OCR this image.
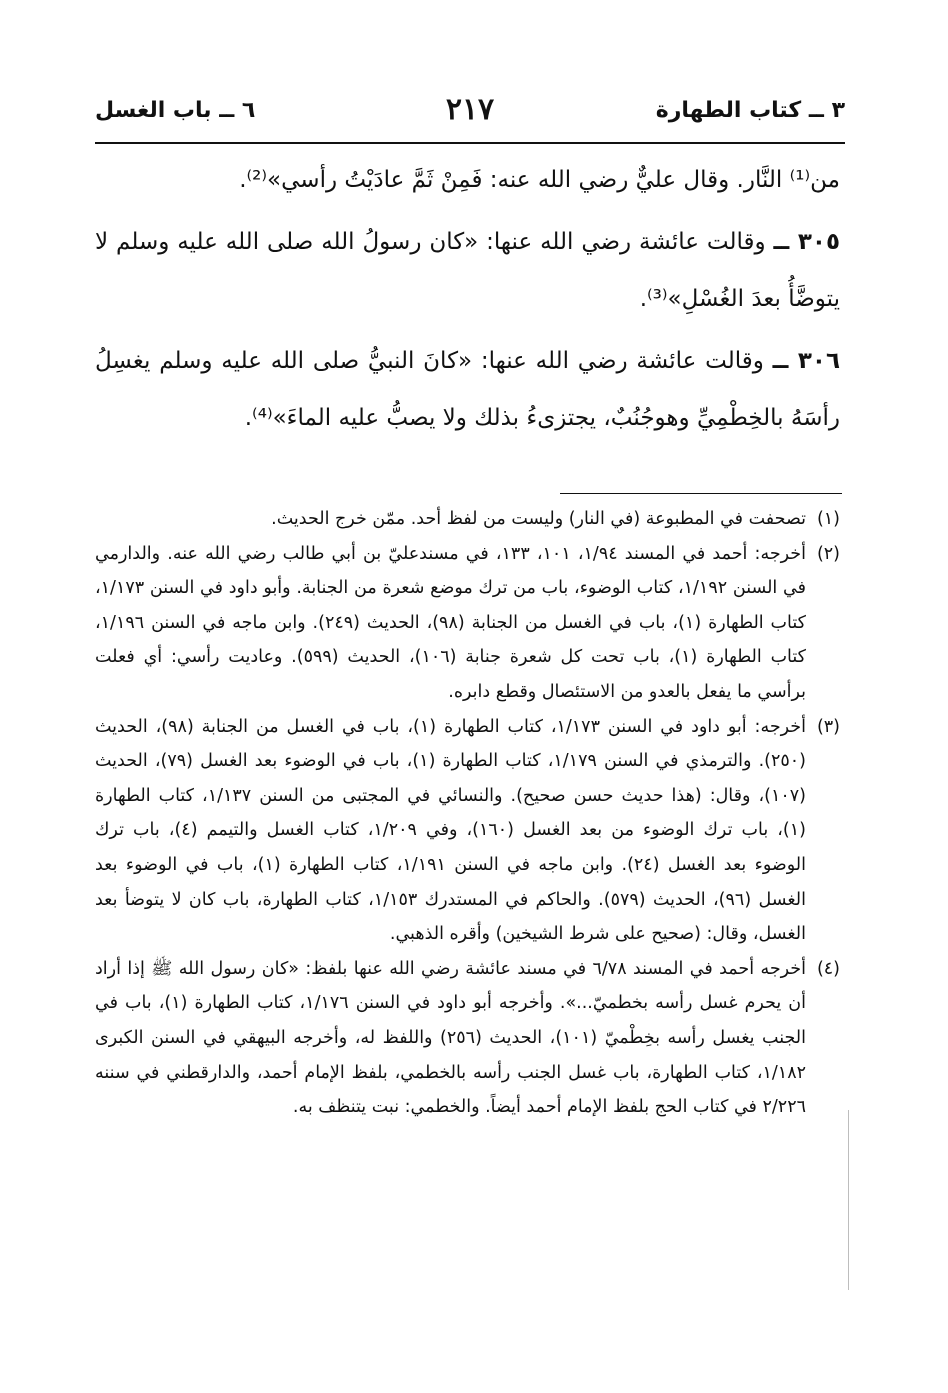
٣ ــ كتاب الطهارة
٢١٧
٦ ــ باب الغسل

من⁽¹⁾ النَّار. وقال عليٌّ رضي الله عنه: فَمِنْ ثَمَّ عادَيْتُ رأسي»⁽²⁾.

٣٠٥ ــ وقالت عائشة رضي الله عنها: «كان رسولُ الله صلى الله عليه وسلم لا يتوضَّأُ بعدَ الغُسْلِ»⁽³⁾.

٣٠٦ ــ وقالت عائشة رضي الله عنها: «كانَ النبيُّ صلى الله عليه وسلم يغسِلُ رأسَهُ بالخِطْمِيِّ وهوجُنُبٌ، يجتزىءُ بذلك ولا يصبُّ عليه الماءَ»⁽⁴⁾.

(١)
تصحفت في المطبوعة (في النار) وليست من لفظ أحد. ممّن خرج الحديث.
(٢)
أخرجه: أحمد في المسند ١/٩٤، ١٠١، ١٣٣، في مسندعليّ بن أبي طالب رضي الله عنه. والدارمي في السنن ١/١٩٢، كتاب الوضوء، باب من ترك موضع شعرة من الجنابة. وأبو داود في السنن ١/١٧٣، كتاب الطهارة (١)، باب في الغسل من الجنابة (٩٨)، الحديث (٢٤٩). وابن ماجه في السنن ١/١٩٦، كتاب الطهارة (١)، باب تحت كل شعرة جنابة (١٠٦)، الحديث (٥٩٩). وعاديت رأسي: أي فعلت برأسي ما يفعل بالعدو من الاستئصال وقطع دابره.
(٣)
أخرجه: أبو داود في السنن ١/١٧٣، كتاب الطهارة (١)، باب في الغسل من الجنابة (٩٨)، الحديث (٢٥٠). والترمذي في السنن ١/١٧٩، كتاب الطهارة (١)، باب في الوضوء بعد الغسل (٧٩)، الحديث (١٠٧)، وقال: (هذا حديث حسن صحيح). والنسائي في المجتبى من السنن ١/١٣٧، كتاب الطهارة (١)، باب ترك الوضوء من بعد الغسل (١٦٠)، وفي ١/٢٠٩، كتاب الغسل والتيمم (٤)، باب ترك الوضوء بعد الغسل (٢٤). وابن ماجه في السنن ١/١٩١، كتاب الطهارة (١)، باب في الوضوء بعد الغسل (٩٦)، الحديث (٥٧٩). والحاكم في المستدرك ١/١٥٣، كتاب الطهارة، باب كان لا يتوضأ بعد الغسل، وقال: (صحيح على شرط الشيخين) وأقره الذهبي.
(٤)
أخرجه أحمد في المسند ٦/٧٨ في مسند عائشة رضي الله عنها بلفظ: «كان رسول الله ﷺ إذا أراد أن يحرم غسل رأسه بخطميّ...». وأخرجه أبو داود في السنن ١/١٧٦، كتاب الطهارة (١)، باب في الجنب يغسل رأسه بخِطْميّ (١٠١)، الحديث (٢٥٦) واللفظ له، وأخرجه البيهقي في السنن الكبرى ١/١٨٢، كتاب الطهارة، باب غسل الجنب رأسه بالخطمي، بلفظ الإمام أحمد، والدارقطني في سننه ٢/٢٢٦ في كتاب الحج بلفظ الإمام أحمد أيضاً. والخطمي: نبت يتنظف به.
